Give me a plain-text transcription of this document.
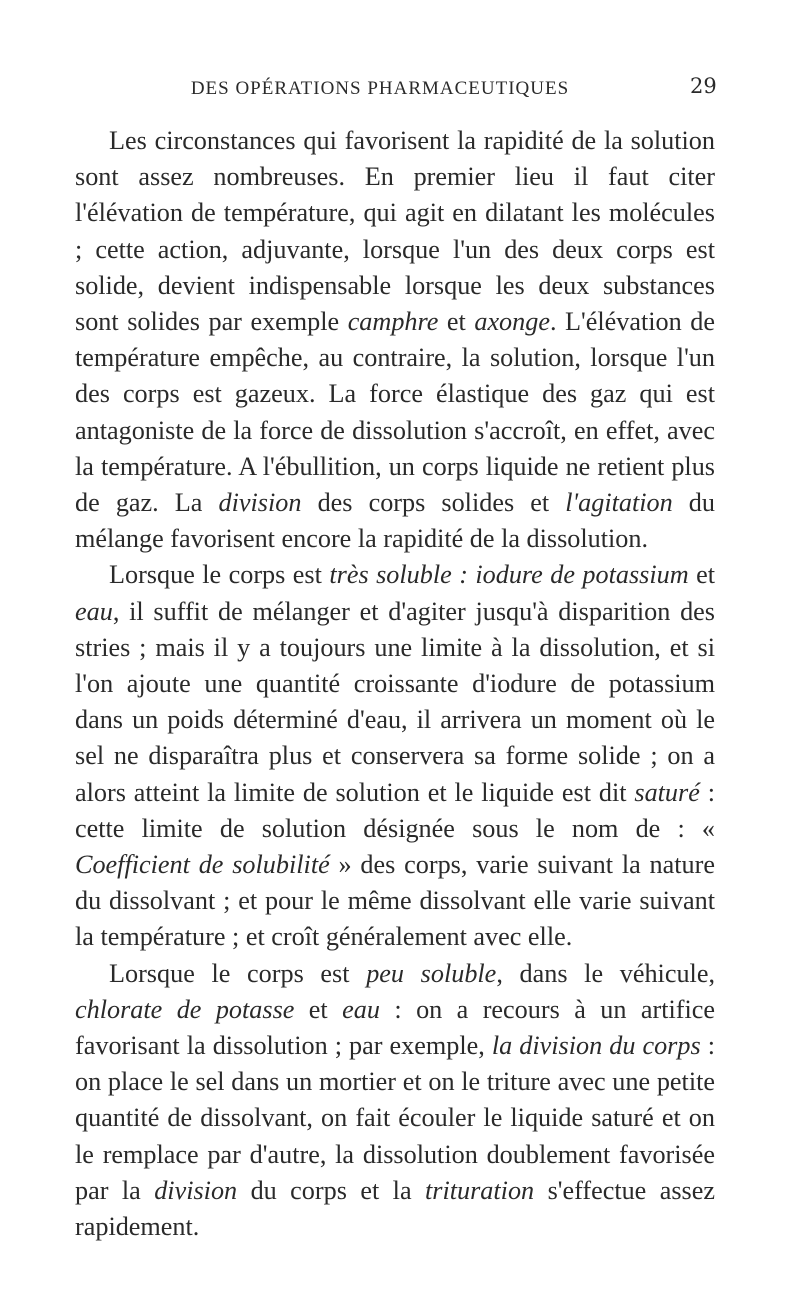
DES OPÉRATIONS PHARMACEUTIQUES	29

Les circonstances qui favorisent la rapidité de la solution sont assez nombreuses. En premier lieu il faut citer l'élévation de température, qui agit en dilatant les molécules ; cette action, adjuvante, lorsque l'un des deux corps est solide, devient indispensable lorsque les deux substances sont solides par exemple camphre et axonge. L'élévation de température empêche, au contraire, la solution, lorsque l'un des corps est gazeux. La force élastique des gaz qui est antagoniste de la force de dissolution s'accroît, en effet, avec la température. A l'ébullition, un corps liquide ne retient plus de gaz. La division des corps solides et l'agitation du mélange favorisent encore la rapidité de la dissolution.

Lorsque le corps est très soluble : iodure de potassium et eau, il suffit de mélanger et d'agiter jusqu'à disparition des stries ; mais il y a toujours une limite à la dissolution, et si l'on ajoute une quantité croissante d'iodure de potassium dans un poids déterminé d'eau, il arrivera un moment où le sel ne disparaîtra plus et conservera sa forme solide ; on a alors atteint la limite de solution et le liquide est dit saturé : cette limite de solution désignée sous le nom de : « Coefficient de solubilité » des corps, varie suivant la nature du dissolvant ; et pour le même dissolvant elle varie suivant la température ; et croît généralement avec elle.

Lorsque le corps est peu soluble, dans le véhicule, chlorate de potasse et eau : on a recours à un artifice favorisant la dissolution ; par exemple, la division du corps : on place le sel dans un mortier et on le triture avec une petite quantité de dissolvant, on fait écouler le liquide saturé et on le remplace par d'autre, la dissolution doublement favorisée par la division du corps et la trituration s'effectue assez rapidement.
